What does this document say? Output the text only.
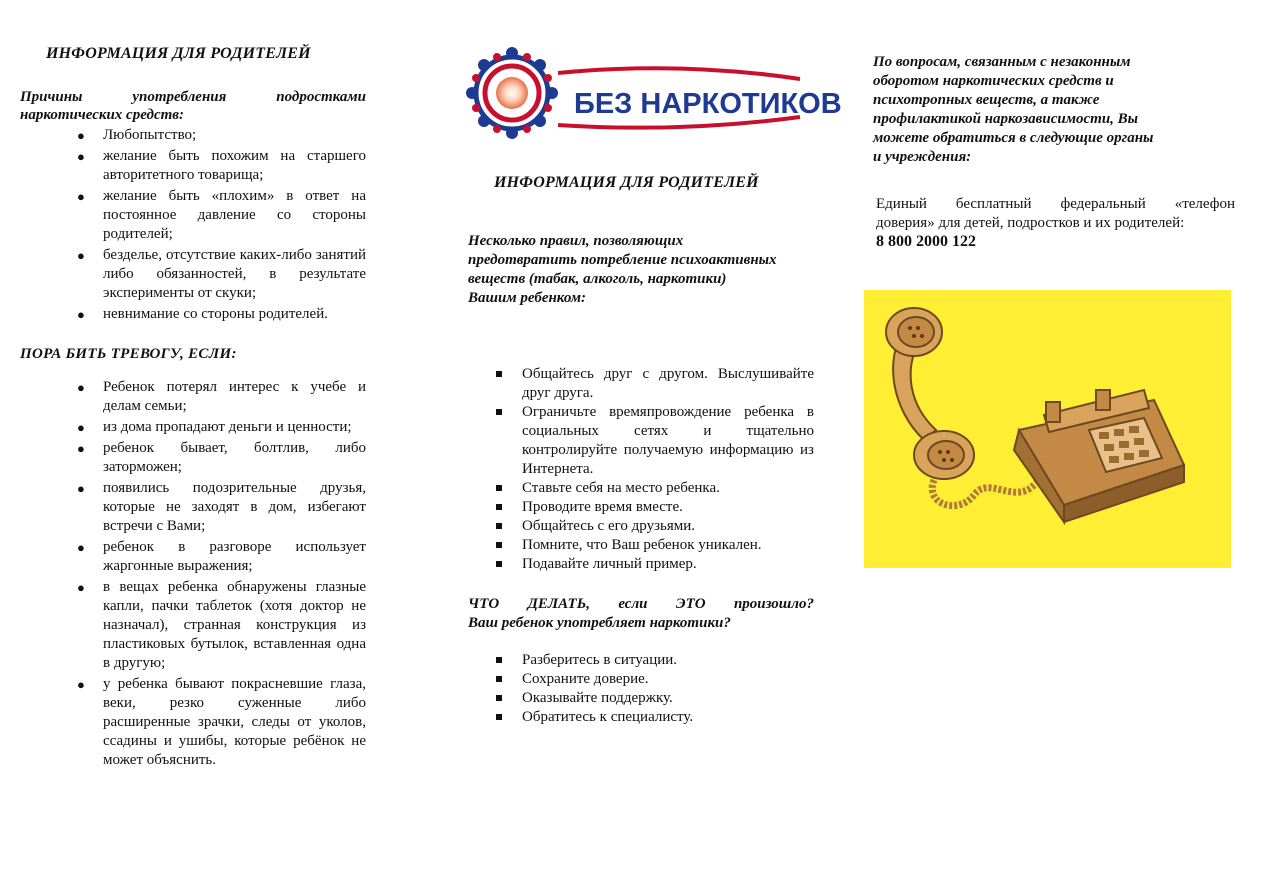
ИНФОРМАЦИЯ ДЛЯ РОДИТЕЛЕЙ
Причины употребления подростками
наркотических средств:
● Любопытство;
● желание быть похожим на старшего авторитетного товарища;
● желание быть «плохим» в ответ на постоянное давление со стороны родителей;
● безделье, отсутствие каких-либо занятий либо обязанностей, в результате эксперименты от скуки;
● невнимание со стороны родителей.
ПОРА БИТЬ ТРЕВОГУ, ЕСЛИ:
● Ребенок потерял интерес к учебе и делам семьи;
● из дома пропадают деньги и ценности;
● ребенок бывает, болтлив, либо заторможен;
● появились подозрительные друзья, которые не заходят в дом, избегают встречи с Вами;
● ребенок в разговоре использует жаргонные выражения;
● в вещах ребенка обнаружены глазные капли, пачки таблеток (хотя доктор не назначал), странная конструкция из пластиковых бутылок, вставленная одна в другую;
● у ребенка бывают покрасневшие глаза, веки, резко суженные либо расширенные зрачки, следы от уколов, ссадины и ушибы, которые ребёнок не может объяснить.
БЕЗ НАРКОТИКОВ
ИНФОРМАЦИЯ ДЛЯ РОДИТЕЛЕЙ
Несколько правил, позволяющих
предотвратить потребление психоактивных
веществ (табак, алкоголь, наркотики)
Вашим ребенком:
Общайтесь друг с другом. Выслушивайте друг друга.
Ограничьте времяпровождение ребенка в социальных сетях и тщательно контролируйте получаемую информацию из Интернета.
Ставьте себя на место ребенка.
Проводите время вместе.
Общайтесь с его друзьями.
Помните, что Ваш ребенок уникален.
Подавайте личный пример.
ЧТО ДЕЛАТЬ, если ЭТО произошло?
Ваш ребенок употребляет наркотики?
Разберитесь в ситуации.
Сохраните доверие.
Оказывайте поддержку.
Обратитесь к специалисту.
По вопросам, связанным с незаконным
оборотом наркотических средств и
психотропных веществ, а также
профилактикой наркозависимости, Вы
можете обратиться в следующие органы
и учреждения:
Единый бесплатный федеральный «телефон
доверия» для детей, подростков и их родителей:
8 800 2000 122
